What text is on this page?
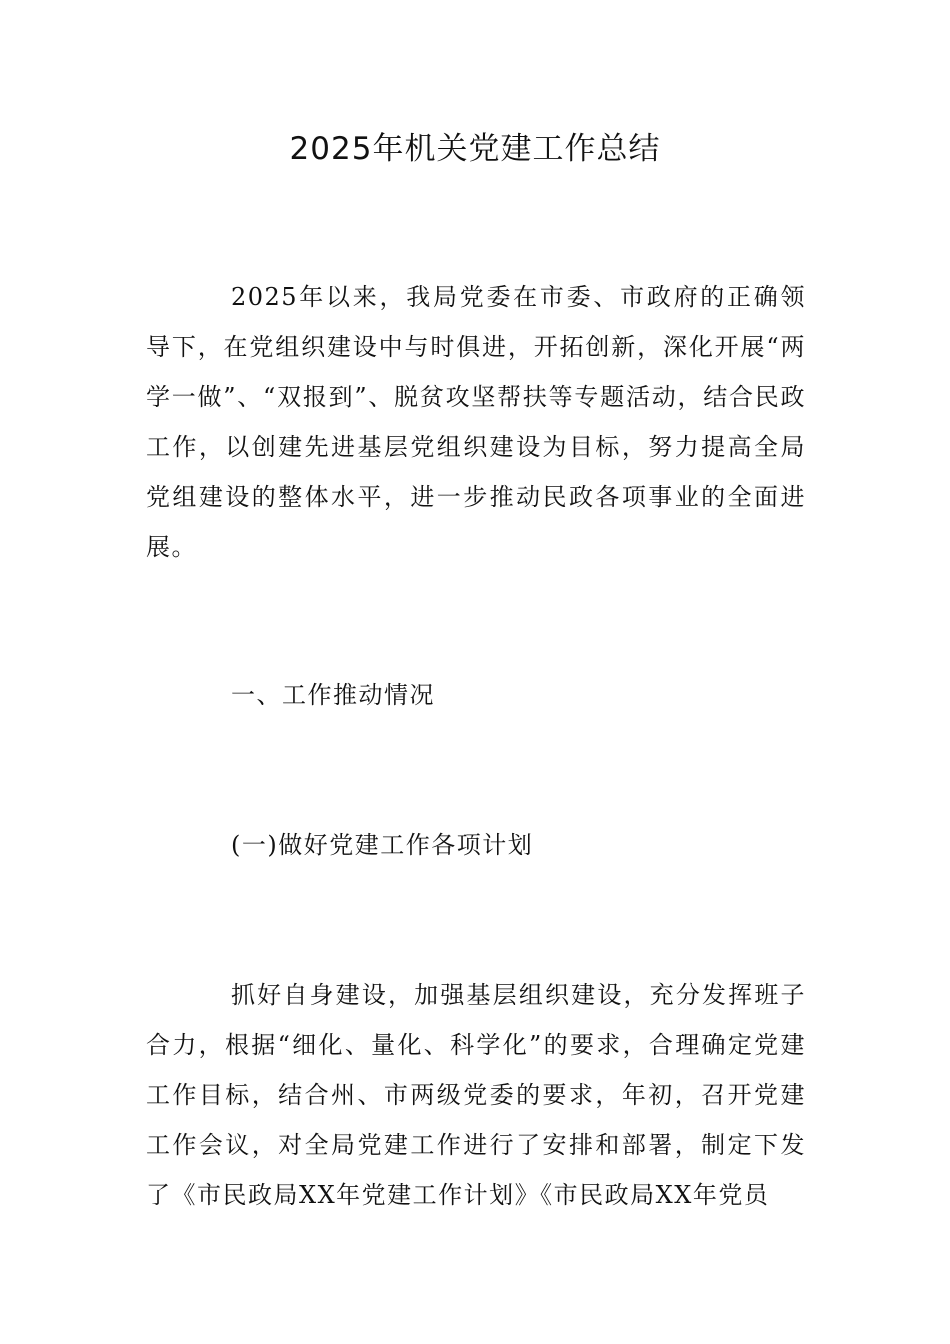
2025年机关党建工作总结

2025年以来，我局党委在市委、市政府的正确领导下，在党组织建设中与时俱进，开拓创新，深化开展“两学一做”、“双报到”、脱贫攻坚帮扶等专题活动，结合民政工作，以创建先进基层党组织建设为目标，努力提高全局党组建设的整体水平，进一步推动民政各项事业的全面进展。

一、工作推动情况

(一)做好党建工作各项计划

抓好自身建设，加强基层组织建设，充分发挥班子合力，根据“细化、量化、科学化”的要求，合理确定党建工作目标，结合州、市两级党委的要求，年初，召开党建工作会议，对全局党建工作进行了安排和部署，制定下发了《市民政局XX年党建工作计划》《市民政局XX年党员
